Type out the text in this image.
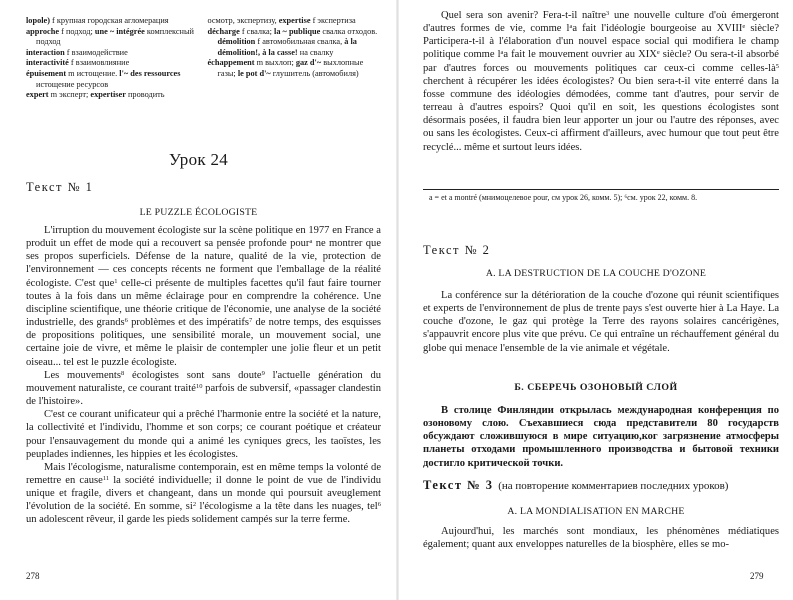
lopole) f крупная городская агломерация
approche f подход; une ~ intégrée комплексный подход
interaction f взаимодействие
interactivité f взаимовлияние
épuisement m истощение. l'~ des ressources истощение ресурсов
expert m эксперт; expertiser проводить
осмотр, экспертизу, expertise f экспертиза
décharge f свалка; la ~ publique свалка отходов. démolition f автомобильная свалка, à la démolition!, à la casse! на свалку
échappement m выхлоп; gaz d'~ выхлопные газы; le pot d'~ глушитель (автомобиля)
Урок 24
Текст № 1
LE PUZZLE ÉCOLOGISTE

L'irruption du mouvement écologiste sur la scène politique en 1977 en France a produit un effet de mode qui a recouvert sa pensée profonde pour$^a$ ne montrer que ses propos superficiels. Défense de la nature, qualité de la vie, protection de l'environnement — ces concepts récents ne forment que l'emballage de la réalité écologiste. C'est que$^1$ celle-ci présente de multiples facettes qu'il faut faire tourner toutes à la fois dans un même éclairage pour en comprendre la cohérence. Une discipline scientifique, une théorie critique de l'économie, une analyse de la société industrielle, des grands$^6$ problèmes et des impératifs$^7$ de notre temps, des esquisses de propositions politiques, une sensibilité morale, un mouvement social, une certaine joie de vivre, et même le plaisir de contempler une jolie fleur et un petit oiseau... tel est le puzzle écologiste.

Les mouvements$^8$ écologistes sont sans doute$^9$ l'actuelle génération du mouvement naturaliste, ce courant traité$^{10}$ parfois de subversif, «passager clandestin de l'histoire».

C'est ce courant unificateur qui a prêché l'harmonie entre la société et la nature, la collectivité et l'individu, l'homme et son corps; ce courant poétique et créateur pour l'ensauvagement du monde qui a animé les cyniques grecs, les taoïstes, les peuplades indiennes, les hippies et les écologistes.

Mais l'écologisme, naturalisme contemporain, est en même temps la volonté de remettre en cause$^{11}$ la société individuelle; il donne le point de vue de l'individu unique et fragile, divers et changeant, dans un monde qui poursuit aveuglement l'évolution de la société. En somme, $si^2$ l'écologisme a la tête dans les nuages, tel$^6$ un adolescent rêveur, il garde les pieds solidement campés sur la terre ferme.

278

Quel sera son avenir? Fera-t-il naître$^3$ une nouvelle culture d'où émergeront d'autres formes de vie, comme $l^aa$ fait l'idéologie bourgeoise au XVIIIe siècle? Participera-t-il à l'élaboration d'un nouvel espace social qui modifiera le champ politique comme $l^aa$ fait le mouvement ouvrier au XIXe siècle? Ou sera-t-il absorbé par d'autres forces ou mouvements politiques car ceux-ci comme celles-$là^5$ cherchent à récupérer les idées écologistes? Ou bien sera-t-il vite enterré dans la fosse commune des idéologies démodées, comme tant d'autres, pour servir de terreau à d'autres espoirs? Quoi qu'il en soit, les questions écologistes sont désormais posées, il faudra bien leur apporter un jour ou l'autre des réponses, avec ou sans les écologistes. Ceux-ci affirment d'ailleurs, avec humour que tout peut être recyclé... même et surtout leurs idées.

a = et a montré (мнимоцелевое pour, см урок 26, комм. 5); ⁶см. урок 22, комм. 8.
Текст № 2
A. LA DESTRUCTION DE LA COUCHE D'OZONE

La conférence sur la détérioration de la couche d'ozone qui réunit scientifiques et experts de l'environnement de plus de trente pays s'est ouverte hier à La Haye. La couche d'ozone, le gaz qui protège la Terre des rayons solaires cancérigènes, s'appauvrit encore plus vite que prévu. Ce qui entraîne un réchauffement général du globe qui menace l'ensemble de la vie animale et végétale.

Б. СБЕРЕЧЬ ОЗОНОВЫЙ СЛОЙ

В столице Финляндии открылась международная конференция по озоновому слою. Съехавшиеся сюда представители 80 государств обсуждают сложившуюся в мире ситуацию,ког загрязнение атмосферы планеты отходами промышленного производства и бытовой техники достигло критической точки.

Текст № 3 (на повторение комментариев последних уроков)
A. LA MONDIALISATION EN MARCHE

Aujourd'hui, les marchés sont mondiaux, les phénomènes médiatiques également; quant aux enveloppes naturelles de la biosphère, elles se mo-

279
